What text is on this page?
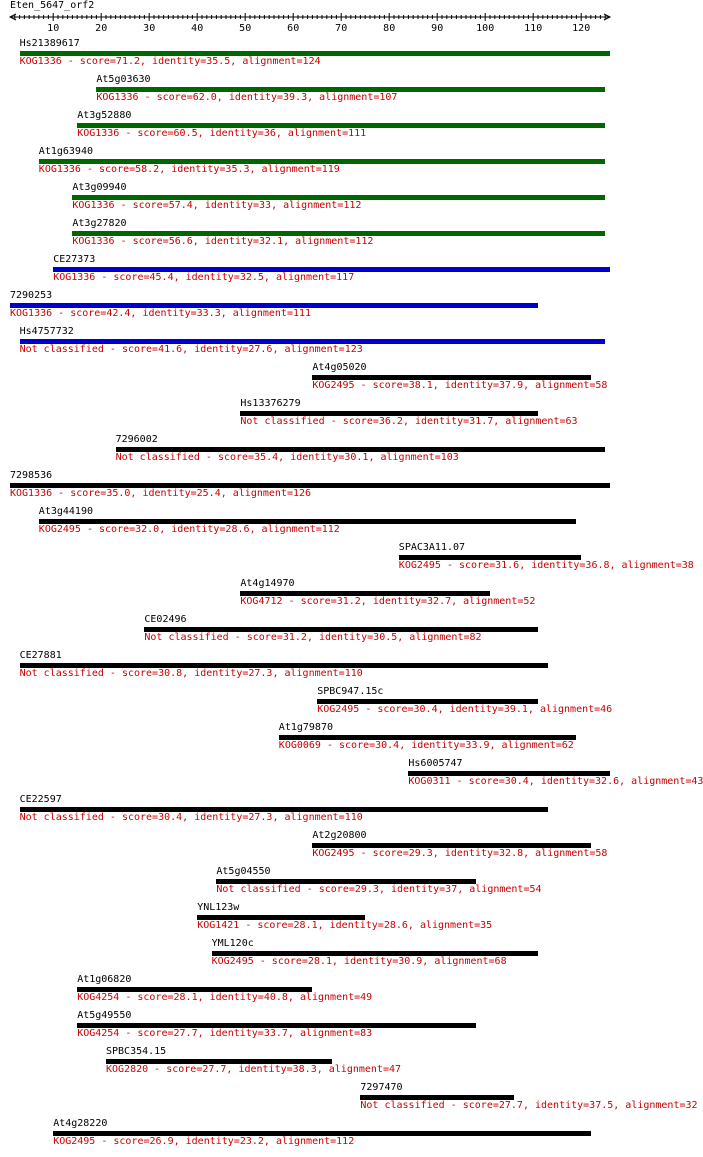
Eten_5647_orf2
10	20	30	40	50	60	70	80	90	100	110	120
Hs21389617
KOG1336 - score=71.2, identity=35.5, alignment=124
At5g03630
KOG1336 - score=62.0, identity=39.3, alignment=107
At3g52880
KOG1336 - score=60.5, identity=36, alignment=111
At1g63940
KOG1336 - score=58.2, identity=35.3, alignment=119
At3g09940
KOG1336 - score=57.4, identity=33, alignment=112
At3g27820
KOG1336 - score=56.6, identity=32.1, alignment=112
CE27373
KOG1336 - score=45.4, identity=32.5, alignment=117
7290253
KOG1336 - score=42.4, identity=33.3, alignment=111
Hs4757732
Not classified - score=41.6, identity=27.6, alignment=123
At4g05020
KOG2495 - score=38.1, identity=37.9, alignment=58
Hs13376279
Not classified - score=36.2, identity=31.7, alignment=63
7296002
Not classified - score=35.4, identity=30.1, alignment=103
7298536
KOG1336 - score=35.0, identity=25.4, alignment=126
At3g44190
KOG2495 - score=32.0, identity=28.6, alignment=112
SPAC3A11.07
KOG2495 - score=31.6, identity=36.8, alignment=38
At4g14970
KOG4712 - score=31.2, identity=32.7, alignment=52
CE02496
Not classified - score=31.2, identity=30.5, alignment=82
CE27881
Not classified - score=30.8, identity=27.3, alignment=110
SPBC947.15c
KOG2495 - score=30.4, identity=39.1, alignment=46
At1g79870
KOG0069 - score=30.4, identity=33.9, alignment=62
Hs6005747
KOG0311 - score=30.4, identity=32.6, alignment=43
CE22597
Not classified - score=30.4, identity=27.3, alignment=110
At2g20800
KOG2495 - score=29.3, identity=32.8, alignment=58
At5g04550
Not classified - score=29.3, identity=37, alignment=54
YNL123w
KOG1421 - score=28.1, identity=28.6, alignment=35
YML120c
KOG2495 - score=28.1, identity=30.9, alignment=68
At1g06820
KOG4254 - score=28.1, identity=40.8, alignment=49
At5g49550
KOG4254 - score=27.7, identity=33.7, alignment=83
SPBC354.15
KOG2820 - score=27.7, identity=38.3, alignment=47
7297470
Not classified - score=27.7, identity=37.5, alignment=32
At4g28220
KOG2495 - score=26.9, identity=23.2, alignment=112
